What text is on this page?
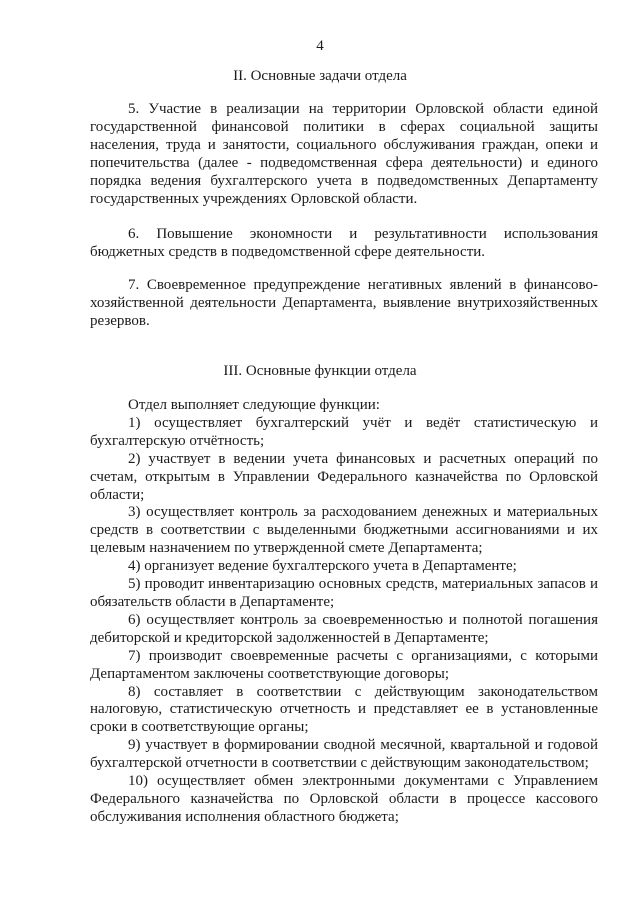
4
II. Основные задачи отдела

5. Участие в реализации на территории Орловской области единой государственной финансовой политики в сферах социальной защиты населения, труда и занятости, социального обслуживания граждан, опеки и попечительства (далее - подведомственная сфера деятельности) и единого порядка ведения бухгалтерского учета в подведомственных Департаменту государственных учреждениях Орловской области.

6. Повышение экономности и результативности использования бюджетных средств в подведомственной сфере деятельности.

7. Своевременное предупреждение негативных явлений в финансово-хозяйственной деятельности Департамента, выявление внутрихозяйственных резервов.

III. Основные функции отдела
Отдел выполняет следующие функции:
1) осуществляет бухгалтерский учёт и ведёт статистическую и бухгалтерскую отчётность;
2) участвует в ведении учета финансовых и расчетных операций по счетам, открытым в Управлении Федерального казначейства по Орловской области;
3) осуществляет контроль за расходованием денежных и материальных средств в соответствии с выделенными бюджетными ассигнованиями и их целевым назначением по утвержденной смете Департамента;
4) организует ведение бухгалтерского учета в Департаменте;
5) проводит инвентаризацию основных средств, материальных запасов и обязательств области в Департаменте;
6) осуществляет контроль за своевременностью и полнотой погашения дебиторской и кредиторской задолженностей в Департаменте;
7) производит своевременные расчеты с организациями, с которыми Департаментом заключены соответствующие договоры;
8) составляет в соответствии с действующим законодательством налоговую, статистическую отчетность и представляет ее в установленные сроки в соответствующие органы;
9) участвует в формировании сводной месячной, квартальной и годовой бухгалтерской отчетности в соответствии с действующим законодательством;
10) осуществляет обмен электронными документами с Управлением Федерального казначейства по Орловской области в процессе кассового обслуживания исполнения областного бюджета;
